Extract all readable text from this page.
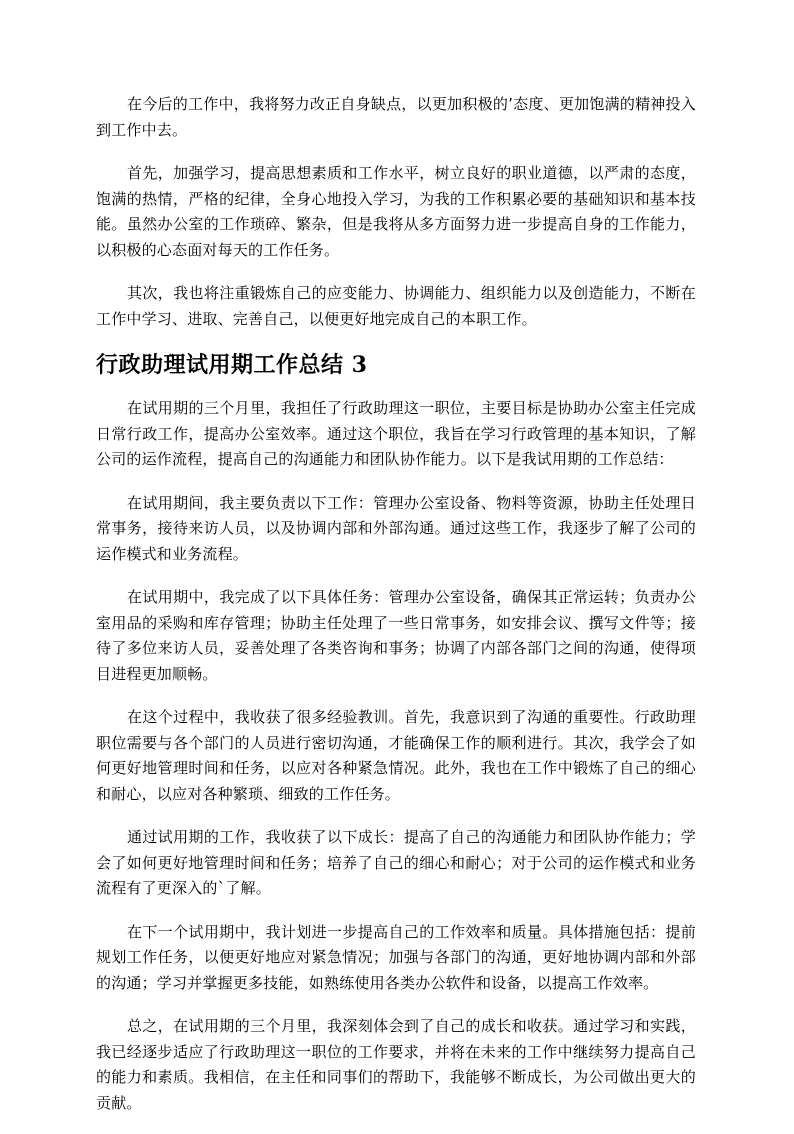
在今后的工作中，我将努力改正自身缺点，以更加积极的’态度、更加饱满的精神投入到工作中去。

首先，加强学习，提高思想素质和工作水平，树立良好的职业道德，以严肃的态度，饱满的热情，严格的纪律，全身心地投入学习，为我的工作积累必要的基础知识和基本技能。虽然办公室的工作琐碎、繁杂，但是我将从多方面努力进一步提高自身的工作能力，以积极的心态面对每天的工作任务。

其次，我也将注重锻炼自己的应变能力、协调能力、组织能力以及创造能力，不断在工作中学习、进取、完善自己，以便更好地完成自己的本职工作。

行政助理试用期工作总结 3

在试用期的三个月里，我担任了行政助理这一职位，主要目标是协助办公室主任完成日常行政工作，提高办公室效率。通过这个职位，我旨在学习行政管理的基本知识，了解公司的运作流程，提高自己的沟通能力和团队协作能力。以下是我试用期的工作总结：

在试用期间，我主要负责以下工作：管理办公室设备、物料等资源，协助主任处理日常事务，接待来访人员，以及协调内部和外部沟通。通过这些工作，我逐步了解了公司的运作模式和业务流程。

在试用期中，我完成了以下具体任务：管理办公室设备，确保其正常运转；负责办公室用品的采购和库存管理；协助主任处理了一些日常事务，如安排会议、撰写文件等；接待了多位来访人员，妥善处理了各类咨询和事务；协调了内部各部门之间的沟通，使得项目进程更加顺畅。

在这个过程中，我收获了很多经验教训。首先，我意识到了沟通的重要性。行政助理职位需要与各个部门的人员进行密切沟通，才能确保工作的顺利进行。其次，我学会了如何更好地管理时间和任务，以应对各种紧急情况。此外，我也在工作中锻炼了自己的细心和耐心，以应对各种繁琐、细致的工作任务。

通过试用期的工作，我收获了以下成长：提高了自己的沟通能力和团队协作能力；学会了如何更好地管理时间和任务；培养了自己的细心和耐心；对于公司的运作模式和业务流程有了更深入的`了解。

在下一个试用期中，我计划进一步提高自己的工作效率和质量。具体措施包括：提前规划工作任务，以便更好地应对紧急情况；加强与各部门的沟通，更好地协调内部和外部的沟通；学习并掌握更多技能，如熟练使用各类办公软件和设备，以提高工作效率。

总之，在试用期的三个月里，我深刻体会到了自己的成长和收获。通过学习和实践，我已经逐步适应了行政助理这一职位的工作要求，并将在未来的工作中继续努力提高自己的能力和素质。我相信，在主任和同事们的帮助下，我能够不断成长，为公司做出更大的贡献。
